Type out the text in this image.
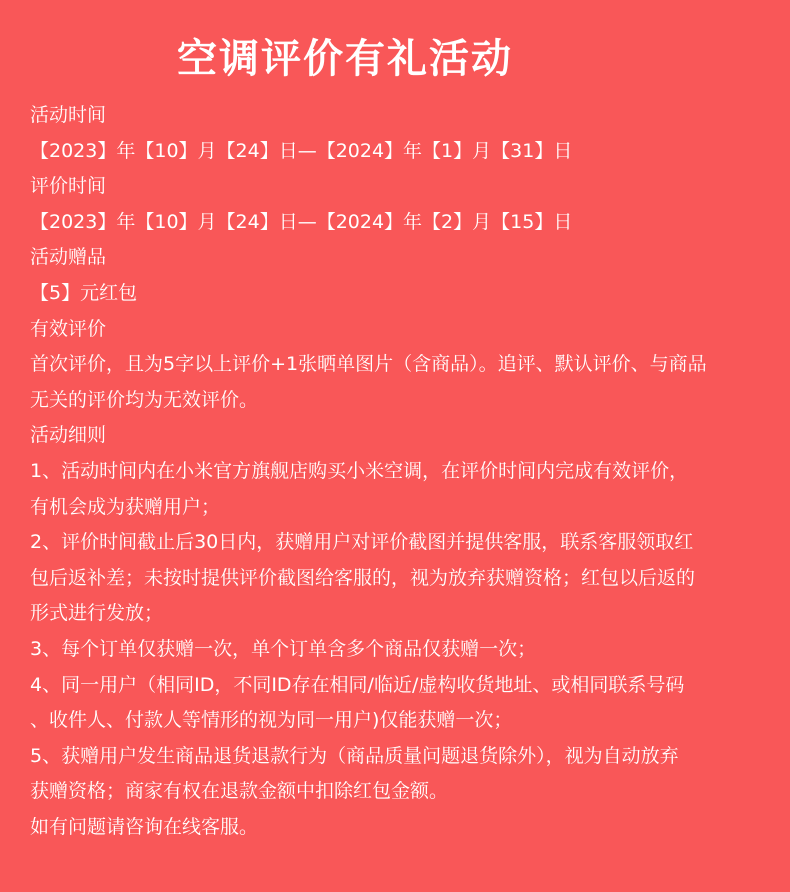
空调评价有礼活动
活动时间
【2023】年【10】月【24】日—【2024】年【1】月【31】日
评价时间
【2023】年【10】月【24】日—【2024】年【2】月【15】日
活动赠品
【5】元红包
有效评价
首次评价，且为5字以上评价+1张晒单图片（含商品）。追评、默认评价、与商品
无关的评价均为无效评价。
活动细则
1、活动时间内在小米官方旗舰店购买小米空调，在评价时间内完成有效评价，
有机会成为获赠用户；
2、评价时间截止后30日内，获赠用户对评价截图并提供客服，联系客服领取红
包后返补差；未按时提供评价截图给客服的，视为放弃获赠资格；红包以后返的
形式进行发放；
3、每个订单仅获赠一次，单个订单含多个商品仅获赠一次；
4、同一用户（相同ID，不同ID存在相同/临近/虚构收货地址、或相同联系号码
、收件人、付款人等情形的视为同一用户)仅能获赠一次；
5、获赠用户发生商品退货退款行为（商品质量问题退货除外），视为自动放弃
获赠资格；商家有权在退款金额中扣除红包金额。
如有问题请咨询在线客服。
